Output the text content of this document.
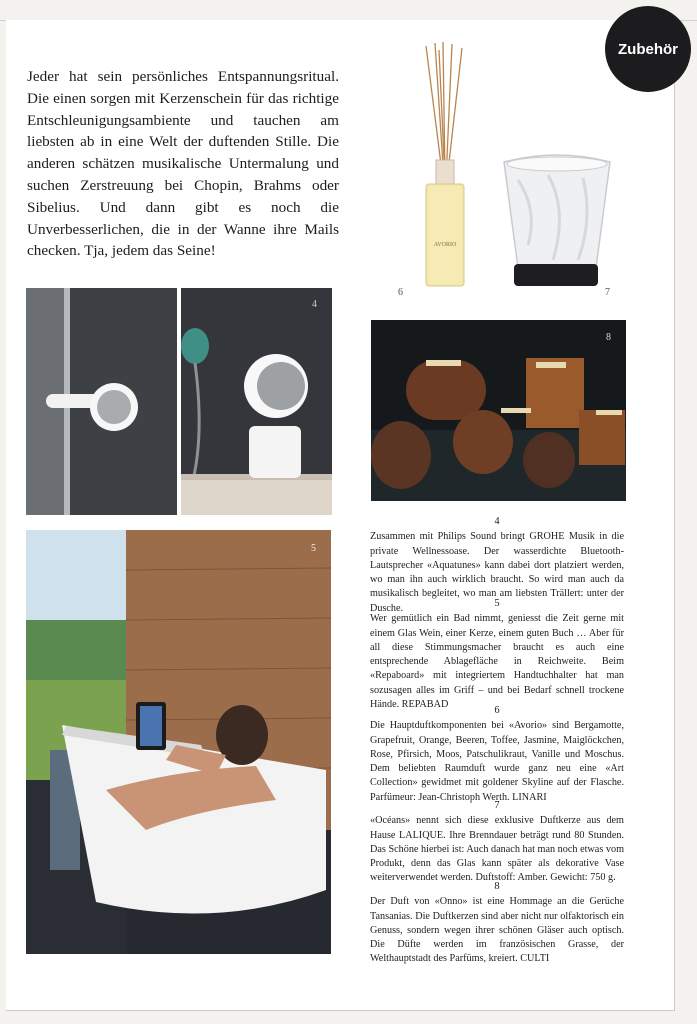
Zubehör

Jeder hat sein persönliches Entspannungsritual. Die einen sorgen mit Kerzenschein für das richtige Entschleunigungsambiente und tauchen am liebsten ab in eine Welt der duftenden Stille. Die anderen schätzen musikalische Untermalung und suchen Zerstreuung bei Chopin, Brahms oder Sibelius. Und dann gibt es noch die Unverbesserlichen, die in der Wanne ihre Mails checken. Tja, jedem das Seine!	AVORIO
6	7
4
8
5
4
Zusammen mit Philips Sound bringt GROHE Musik in die private Wellnessoase. Der wasserdichte Bluetooth-Lautsprecher «Aquatunes» kann dabei dort platziert werden, wo man ihn auch wirklich braucht. So wird man auch da musikalisch begleitet, wo man am liebsten Trällert: unter der Dusche.	5
Wer gemütlich ein Bad nimmt, geniesst die Zeit gerne mit einem Glas Wein, einer Kerze, einem guten Buch … Aber für all diese Stimmungsmacher braucht es auch eine entsprechende Ablagefläche in Reichweite. Beim «Repaboard» mit integriertem Handtuchhalter hat man sozusagen alles im Griff – und bei Bedarf schnell trockene Hände. REPABAD
6
Die Hauptduftkomponenten bei «Avorio» sind Bergamotte, Grapefruit, Orange, Beeren, Toffee, Jasmine, Maiglöckchen, Rose, Pfirsich, Moos, Patschulikraut, Vanille und Moschus. Dem beliebten Raumduft wurde ganz neu eine «Art Collection» gewidmet mit goldener Skyline auf der Flasche. Parfümeur: Jean-Christoph Werth. LINARI
7
«Océans» nennt sich diese exklusive Duftkerze aus dem Hause LALIQUE. Ihre Brenndauer beträgt rund 80 Stunden. Das Schöne hierbei ist: Auch danach hat man noch etwas vom Produkt, denn das Glas kann später als dekorative Vase weiterverwendet werden. Duftstoff: Amber. Gewicht: 750 g.
8
Der Duft von «Onno» ist eine Hommage an die Gerüche Tansanias. Die Duftkerzen sind aber nicht nur olfaktorisch ein Genuss, sondern wegen ihrer schönen Gläser auch optisch. Die Düfte werden im französischen Grasse, der Welthauptstadt des Parfüms, kreiert. CULTI
